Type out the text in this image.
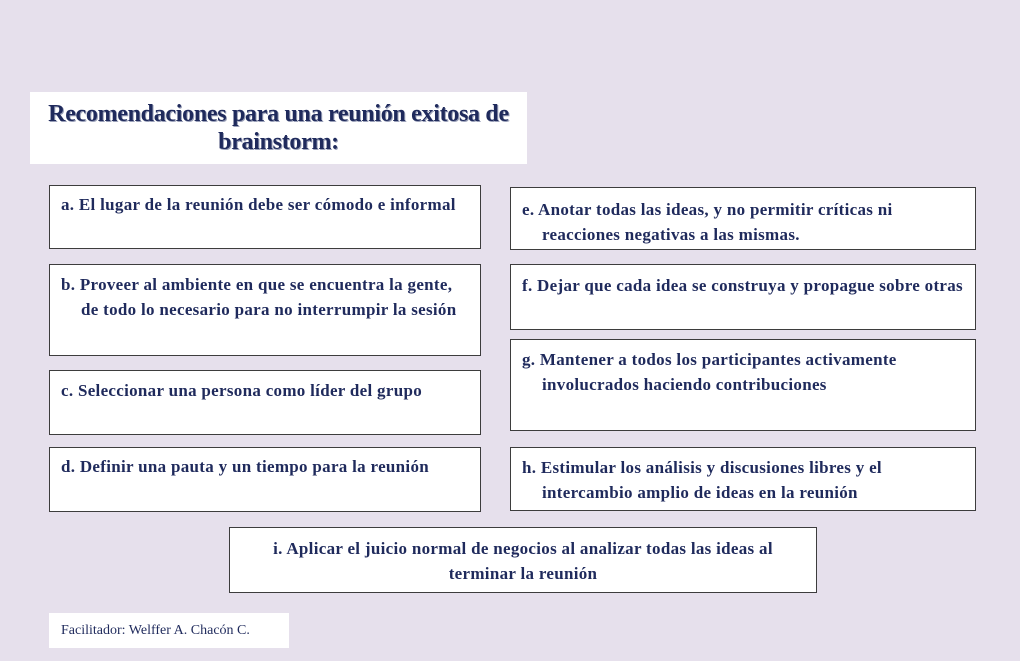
Recomendaciones para una reunión exitosa de brainstorm:
a. El lugar de la reunión debe ser cómodo e informal
b. Proveer al ambiente en que se encuentra la gente, de todo lo necesario para no interrumpir la sesión
c. Seleccionar una persona como líder del grupo
d. Definir una pauta y un tiempo para la reunión
e. Anotar todas las ideas, y no permitir críticas ni reacciones negativas a las mismas.
f. Dejar que cada idea se construya y propague sobre otras
g. Mantener a todos los participantes activamente involucrados haciendo contribuciones
h. Estimular los análisis y discusiones libres y el intercambio amplio de ideas en la reunión
i. Aplicar el juicio normal de negocios al analizar todas las ideas al terminar la reunión
Facilitador: Welffer A. Chacón C.
